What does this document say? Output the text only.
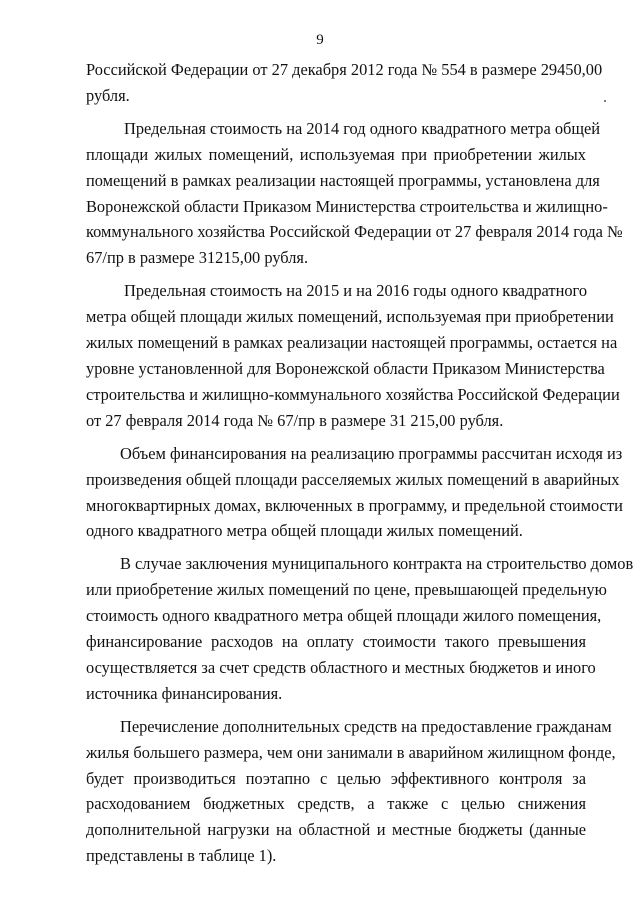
9
Российской Федерации от 27 декабря 2012 года № 554 в размере 29450,00
рубля.
Предельная стоимость на 2014 год одного квадратного метра общей
площади жилых помещений, используемая при приобретении жилых
помещений в рамках реализации настоящей программы, установлена для
Воронежской области Приказом Министерства строительства и жилищно-
коммунального хозяйства Российской Федерации от 27 февраля 2014 года №
67/пр в размере 31215,00 рубля.
Предельная стоимость на 2015 и на 2016 годы одного квадратного
метра общей площади жилых помещений, используемая при приобретении
жилых помещений в рамках реализации настоящей программы, остается на
уровне установленной для Воронежской области Приказом Министерства
строительства и жилищно-коммунального хозяйства Российской Федерации
от 27 февраля 2014 года № 67/пр в размере 31 215,00 рубля.
Объем финансирования на реализацию программы рассчитан исходя из
произведения общей площади расселяемых жилых помещений в аварийных
многоквартирных домах, включенных в программу, и предельной стоимости
одного квадратного метра общей площади жилых помещений.
В случае заключения муниципального контракта на строительство домов
или приобретение жилых помещений по цене, превышающей предельную
стоимость одного квадратного метра общей площади жилого помещения,
финансирование расходов на оплату стоимости такого превышения
осуществляется за счет средств областного и местных бюджетов и иного
источника финансирования.
Перечисление дополнительных средств на предоставление гражданам
жилья большего размера, чем они занимали в аварийном жилищном фонде,
будет производиться поэтапно с целью эффективного контроля за
расходованием бюджетных средств, а также с целью снижения
дополнительной нагрузки на областной и местные бюджеты (данные
представлены в таблице 1).
